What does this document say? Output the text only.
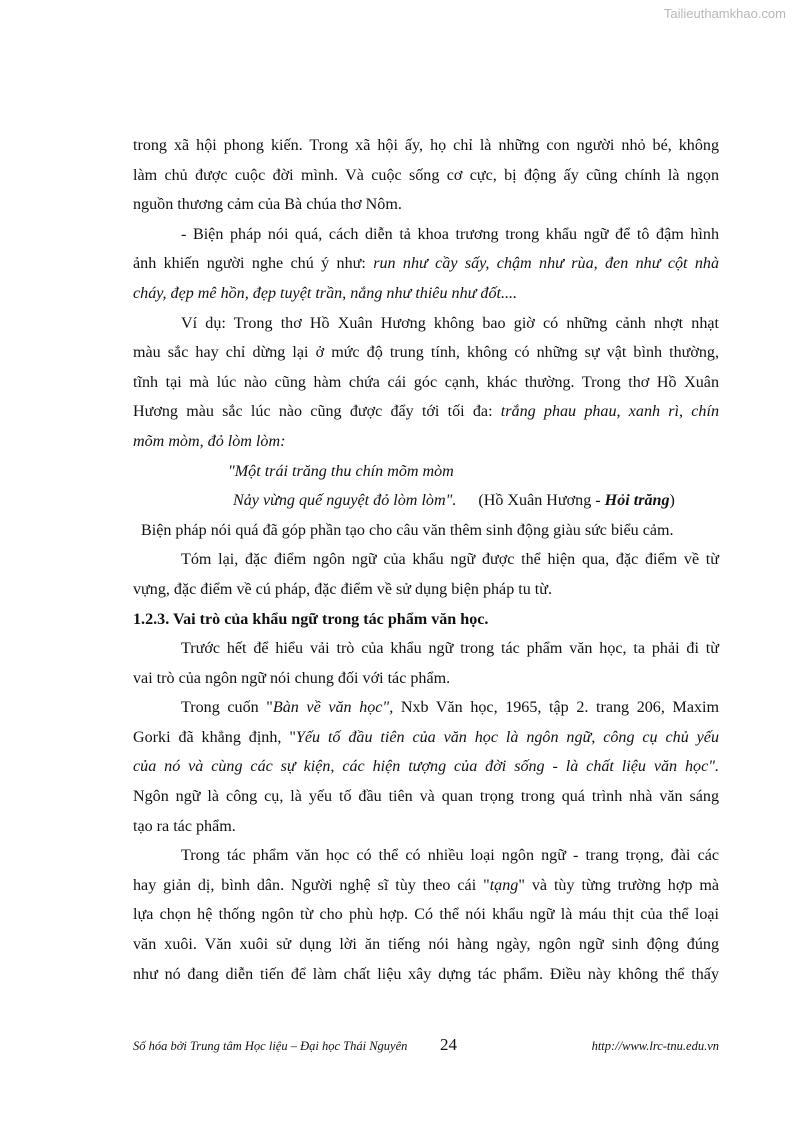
Tailieuthamkhao.com
trong xã hội phong kiến. Trong xã hội ấy, họ chỉ là những con người nhỏ bé, không
làm chủ được cuộc đời mình. Và cuộc sống cơ cực, bị động ấy cũng chính là ngọn
nguồn thương cảm của Bà chúa thơ Nôm.
- Biện pháp nói quá, cách diễn tả khoa trương trong khẩu ngữ để tô đậm hình
ảnh khiến người nghe chú ý như: run như cầy sấy, chậm như rùa, đen như cột nhà
cháy, đẹp mê hồn, đẹp tuyệt trần, nắng như thiêu như đốt....
Ví dụ: Trong thơ Hồ Xuân Hương không bao giờ có những cảnh nhợt nhạt
màu sắc hay chỉ dừng lại ở mức độ trung tính, không có những sự vật bình thường,
tĩnh tại mà lúc nào cũng hàm chứa cái góc cạnh, khác thường. Trong thơ Hồ Xuân
Hương màu sắc lúc nào cũng được đẩy tới tối đa: trắng phau phau, xanh rì, chín
mõm mòm, đỏ lòm lòm:
"Một trái trăng thu chín mõm mòm
Nảy vừng quế nguyệt đỏ lòm lòm". (Hồ Xuân Hương - Hỏi trăng)
Biện pháp nói quá đã góp phần tạo cho câu văn thêm sinh động giàu sức biểu cảm.
Tóm lại, đặc điểm ngôn ngữ của khẩu ngữ được thể hiện qua, đặc điểm về từ
vựng, đặc điểm về cú pháp, đặc điểm về sử dụng biện pháp tu từ.
1.2.3. Vai trò của khẩu ngữ trong tác phẩm văn học.
Trước hết để hiểu vải trò của khẩu ngữ trong tác phẩm văn học, ta phải đi từ
vai trò của ngôn ngữ nói chung đối với tác phẩm.
Trong cuốn "Bàn về văn học", Nxb Văn học, 1965, tập 2. trang 206, Maxim
Gorki đã khẳng định, "Yếu tố đầu tiên của văn học là ngôn ngữ, công cụ chủ yếu
của nó và cùng các sự kiện, các hiện tượng của đời sống - là chất liệu văn học".
Ngôn ngữ là công cụ, là yếu tố đầu tiên và quan trọng trong quá trình nhà văn sáng
tạo ra tác phẩm.
Trong tác phẩm văn học có thể có nhiều loại ngôn ngữ - trang trọng, đài các
hay giản dị, bình dân. Người nghệ sĩ tùy theo cái "tạng" và tùy từng trường hợp mà
lựa chọn hệ thống ngôn từ cho phù hợp. Có thể nói khẩu ngữ là máu thịt của thể loại
văn xuôi. Văn xuôi sử dụng lời ăn tiếng nói hàng ngày, ngôn ngữ sinh động đúng
như nó đang diễn tiến để làm chất liệu xây dựng tác phẩm. Điều này không thể thấy
Số hóa bởi Trung tâm Học liệu – Đại học Thái Nguyên 24	http://www.lrc-tnu.edu.vn
